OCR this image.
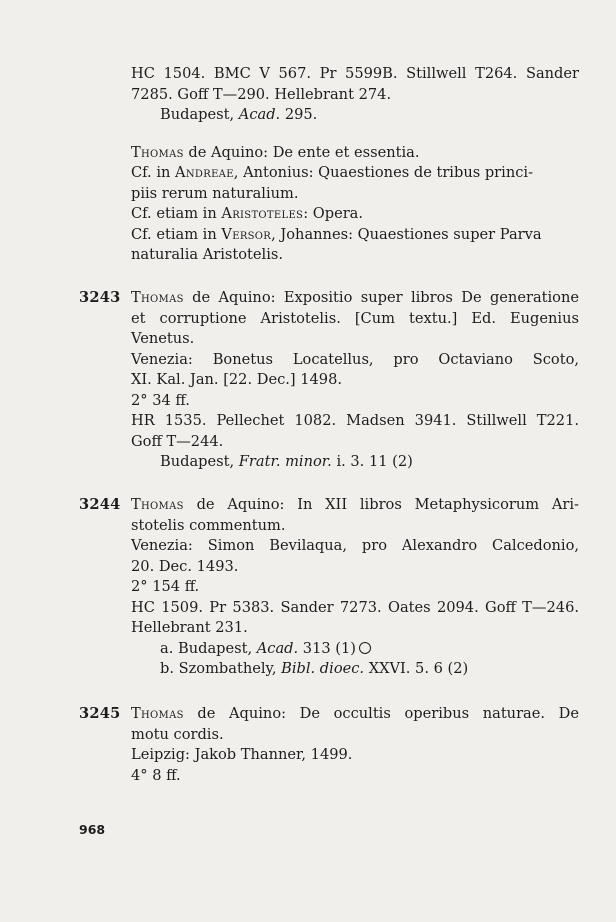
HC 1504. BMC V 567. Pr 5599B. Stillwell T264. Sander
7285. Goff T—290. Hellebrant 274.
Budapest, Acad. 295.
Thomas de Aquino: De ente et essentia.
Cf. in Andreae, Antonius: Quaestiones de tribus princi-
piis rerum naturalium.
Cf. etiam in Aristoteles: Opera.
Cf. etiam in Versor, Johannes: Quaestiones super Parva
naturalia Aristotelis.
3243 Thomas de Aquino: Expositio super libros De generatione
et corruptione Aristotelis. [Cum textu.] Ed. Eugenius
Venetus.
Venezia: Bonetus Locatellus, pro Octaviano Scoto,
XI. Kal. Jan. [22. Dec.] 1498.
2° 34 ff.
HR 1535. Pellechet 1082. Madsen 3941. Stillwell T221.
Goff T—244.
Budapest, Fratr. minor. i. 3. 11 (2)
3244 Thomas de Aquino: In XII libros Metaphysicorum Ari-
stotelis commentum.
Venezia: Simon Bevilaqua, pro Alexandro Calcedonio,
20. Dec. 1493.
2° 154 ff.
HC 1509. Pr 5383. Sander 7273. Oates 2094. Goff T—246.
Hellebrant 231.
a. Budapest, Acad. 313 (1)
b. Szombathely, Bibl. dioec. XXVI. 5. 6 (2)
3245 Thomas de Aquino: De occultis operibus naturae. De
motu cordis.
Leipzig: Jakob Thanner, 1499.
4° 8 ff.
968
